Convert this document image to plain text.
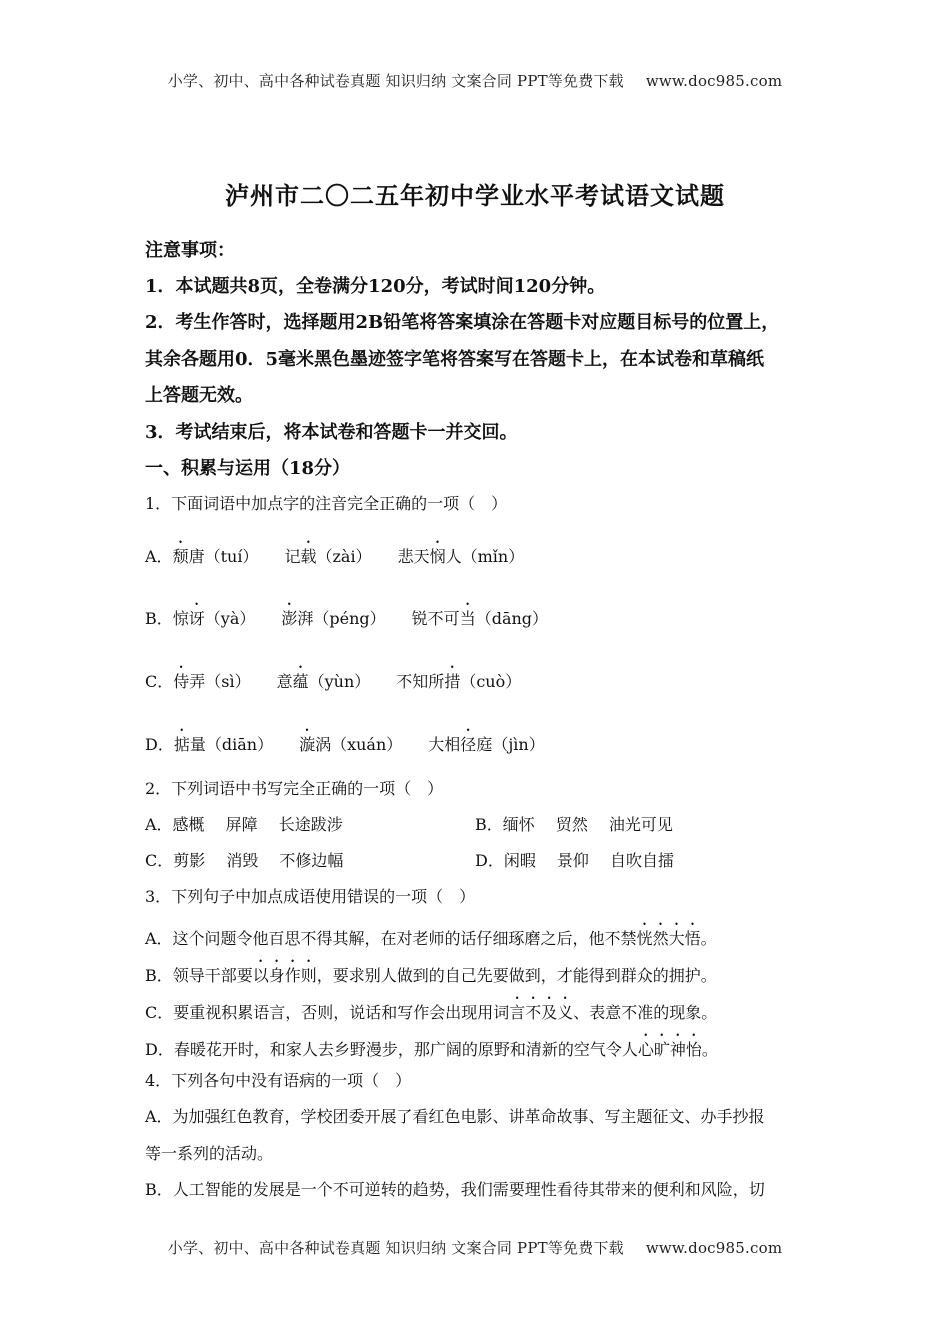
小学、初中、高中各种试卷真题 知识归纳 文案合同 PPT等免费下载 www.doc985.com
泸州市二〇二五年初中学业水平考试语文试题
注意事项：
1．本试题共8页，全卷满分120分，考试时间120分钟。
2．考生作答时，选择题用2B铅笔将答案填涂在答题卡对应题目标号的位置上，
其余各题用0．5毫米黑色墨迹签字笔将答案写在答题卡上，在本试卷和草稿纸
上答题无效。
3．考试结束后，将本试卷和答题卡一并交回。
一、积累与运用（18分）
1．下面词语中加点字的注音完全正确的一项（　）
A．颓唐（tuí） 记载（zài） 悲天悯人（mǐn）
B．惊讶（yà） 澎湃（péng） 锐不可当（dāng）
C．侍弄（sì） 意蕴（yùn） 不知所措（cuò）
D．掂量（diān） 漩涡（xuán） 大相径庭（jìn）
2．下列词语中书写完全正确的一项（　）
A．感概　 屏障　 长途跋涉	B．缅怀　 贸然　 油光可见
C．剪影　 消毁　 不修边幅	D．闲暇　 景仰　 自吹自擂
3．下列句子中加点成语使用错误的一项（　）
A．这个问题令他百思不得其解，在对老师的话仔细琢磨之后，他不禁恍然大悟。
B．领导干部要以身作则，要求别人做到的自己先要做到，才能得到群众的拥护。
C．要重视积累语言，否则，说话和写作会出现用词言不及义、表意不准的现象。
D．春暖花开时，和家人去乡野漫步，那广阔的原野和清新的空气令人心旷神怡。
4．下列各句中没有语病的一项（　）
A．为加强红色教育，学校团委开展了看红色电影、讲革命故事、写主题征文、办手抄报
等一系列的活动。
B．人工智能的发展是一个不可逆转的趋势，我们需要理性看待其带来的便利和风险，切
小学、初中、高中各种试卷真题 知识归纳 文案合同 PPT等免费下载 www.doc985.com
